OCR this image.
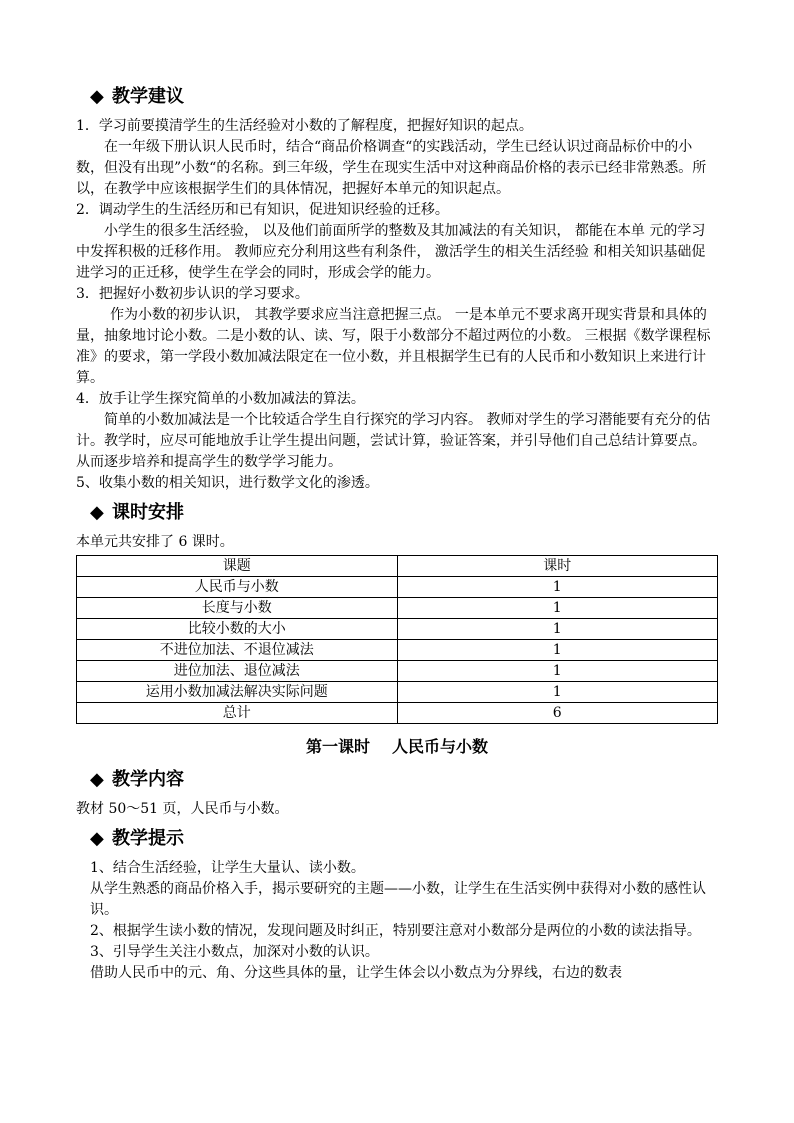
◆ 教学建议

1．学习前要摸清学生的生活经验对小数的了解程度，把握好知识的起点。

在一年级下册认识人民币时，结合“商品价格调查“的实践活动，学生已经认识过商品标价中的小数，但没有出现”小数“的名称。到三年级，学生在现实生活中对这种商品价格的表示已经非常熟悉。所以，在教学中应该根据学生们的具体情况，把握好本单元的知识起点。

2．调动学生的生活经历和已有知识，促进知识经验的迁移。

小学生的很多生活经验， 以及他们前面所学的整数及其加减法的有关知识， 都能在本单 元的学习中发挥积极的迁移作用。 教师应充分利用这些有利条件， 激活学生的相关生活经验 和相关知识基础促进学习的正迁移，使学生在学会的同时，形成会学的能力。

3．把握好小数初步认识的学习要求。

作为小数的初步认识， 其教学要求应当注意把握三点。 一是本单元不要求离开现实背景和具体的量，抽象地讨论小数。二是小数的认、读、写，限于小数部分不超过两位的小数。 三根据《数学课程标准》的要求，第一学段小数加减法限定在一位小数，并且根据学生已有的人民币和小数知识上来进行计算。

4．放手让学生探究简单的小数加减法的算法。

简单的小数加减法是一个比较适合学生自行探究的学习内容。 教师对学生的学习潜能要有充分的估计。教学时，应尽可能地放手让学生提出问题，尝试计算，验证答案，并引导他们自己总结计算要点。从而逐步培养和提高学生的数学学习能力。

5、收集小数的相关知识，进行数学文化的渗透。

◆ 课时安排

本单元共安排了 6 课时。

课题	课时
人民币与小数	1
长度与小数	1
比较小数的大小	1
不进位加法、不退位减法	1
进位加法、退位减法	1
运用小数加减法解决实际问题	1
总计	6
第一课时 人民币与小数
◆ 教学内容

教材 50～51 页，人民币与小数。

◆ 教学提示

1、结合生活经验，让学生大量认、读小数。

从学生熟悉的商品价格入手，揭示要研究的主题——小数，让学生在生活实例中获得对小数的感性认识。

2、根据学生读小数的情况，发现问题及时纠正，特别要注意对小数部分是两位的小数的读法指导。

3、引导学生关注小数点，加深对小数的认识。

借助人民币中的元、角、分这些具体的量，让学生体会以小数点为分界线，右边的数表
